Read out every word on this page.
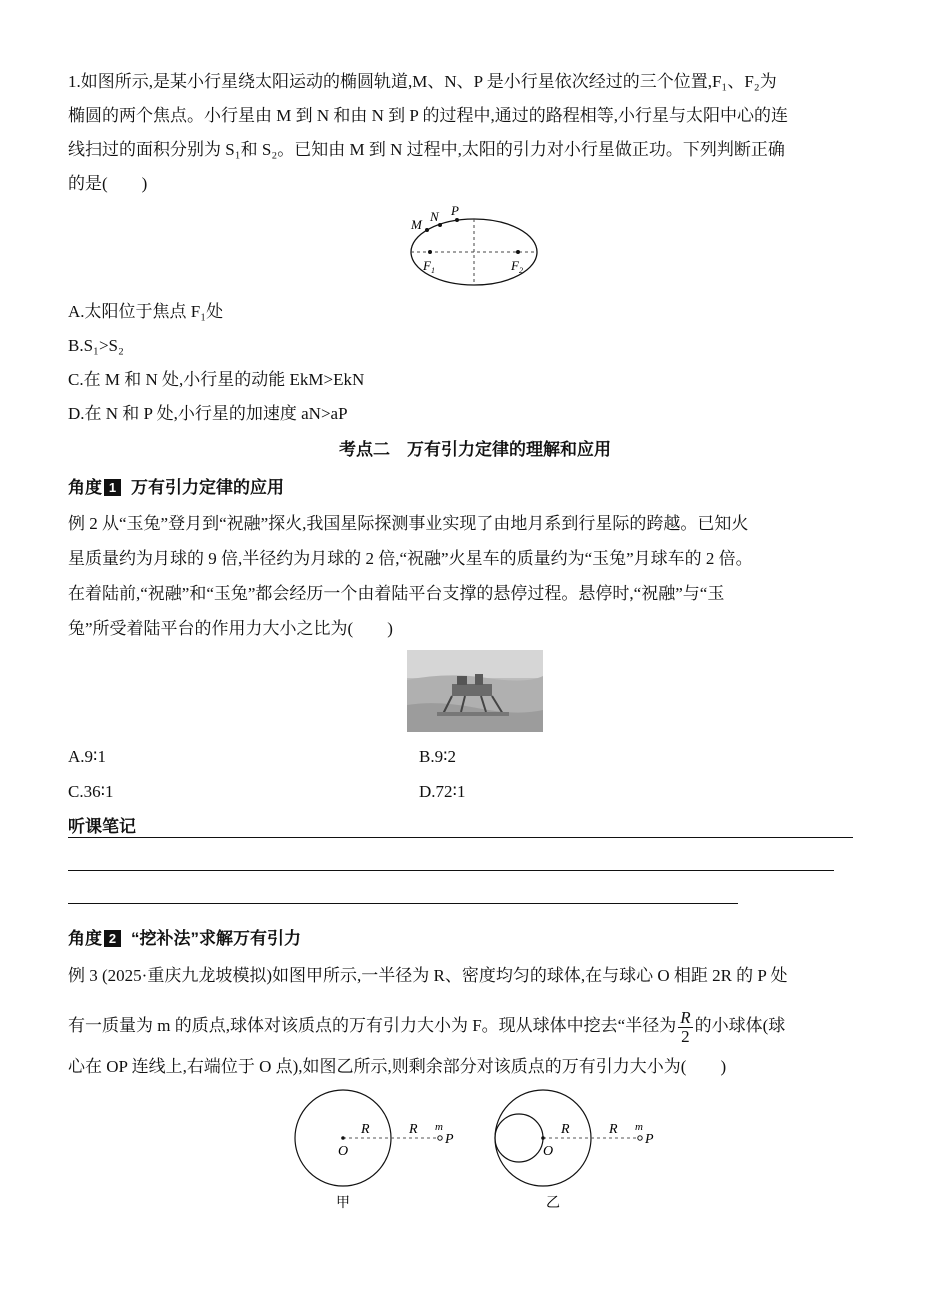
1.如图所示,是某小行星绕太阳运动的椭圆轨道,M、N、P 是小行星依次经过的三个位置,F₁、F₂为
椭圆的两个焦点。小行星由 M 到 N 和由 N 到 P 的过程中,通过的路程相等,小行星与太阳中心的连
线扫过的面积分别为 S₁和 S₂。已知由 M 到 N 过程中,太阳的引力对小行星做正功。下列判断正确
的是(　　)
M
N P
$F_1$	$F_2$
A.太阳位于焦点 F₁处
B.S₁>S₂
C.在 M 和 N 处,小行星的动能 EkM>EkN
D.在 N 和 P 处,小行星的加速度 aN>aP
考点二　万有引力定律的理解和应用
角度 1 万有引力定律的应用
例 2 从“玉兔”登月到“祝融”探火,我国星际探测事业实现了由地月系到行星际的跨越。已知火
星质量约为月球的 9 倍,半径约为月球的 2 倍,“祝融”火星车的质量约为“玉兔”月球车的 2 倍。
在着陆前,“祝融”和“玉兔”都会经历一个由着陆平台支撑的悬停过程。悬停时,“祝融”与“玉
兔”所受着陆平台的作用力大小之比为(　　)
A.9∶1	B.9∶2
C.36∶1	D.72∶1
听课笔记
角度 2 “挖补法”求解万有引力
例 3 (2025·重庆九龙坡模拟)如图甲所示,一半径为 R、密度均匀的球体,在与球心 O 相距 2R 的 P 处
有一质量为 m 的质点,球体对该质点的万有引力大小为 F。现从球体中挖去“半径为 $\frac{R}{2}$ 的小球体(球
心在 OP 连线上,右端位于 O 点),如图乙所示,则剩余部分对该质点的万有引力大小为(　　)
O
R	R m
P
甲
O
R	R m
P
乙
